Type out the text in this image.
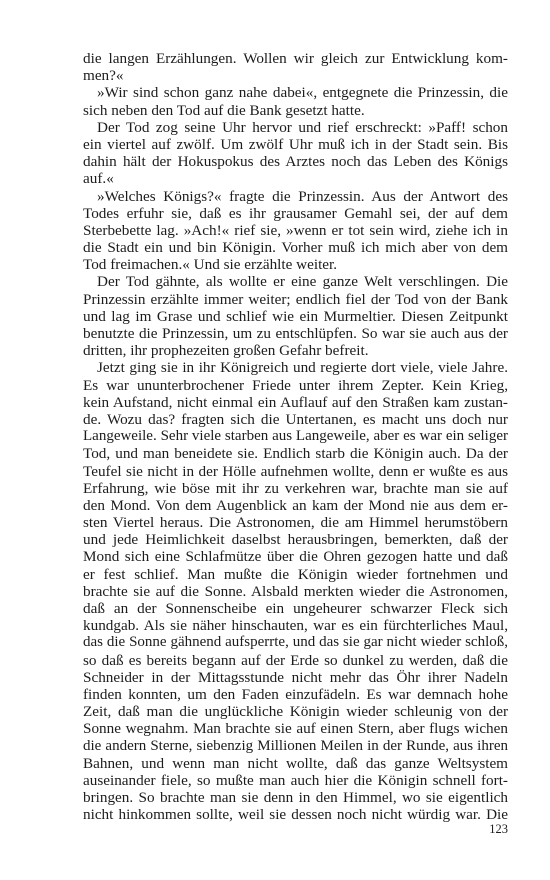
die langen Erzählungen. Wollen wir gleich zur Entwicklung kom-
men?«
»Wir sind schon ganz nahe dabei«, entgegnete die Prinzessin, die
sich neben den Tod auf die Bank gesetzt hatte.
Der Tod zog seine Uhr hervor und rief erschreckt: »Paff! schon
ein viertel auf zwölf. Um zwölf Uhr muß ich in der Stadt sein. Bis
dahin hält der Hokuspokus des Arztes noch das Leben des Königs
auf.«
»Welches Königs?« fragte die Prinzessin. Aus der Antwort des
Todes erfuhr sie, daß es ihr grausamer Gemahl sei, der auf dem
Sterbebette lag. »Ach!« rief sie, »wenn er tot sein wird, ziehe ich in
die Stadt ein und bin Königin. Vorher muß ich mich aber von dem
Tod freimachen.« Und sie erzählte weiter.
Der Tod gähnte, als wollte er eine ganze Welt verschlingen. Die
Prinzessin erzählte immer weiter; endlich fiel der Tod von der Bank
und lag im Grase und schlief wie ein Murmeltier. Diesen Zeitpunkt
benutzte die Prinzessin, um zu entschlüpfen. So war sie auch aus der
dritten, ihr prophezeiten großen Gefahr befreit.
Jetzt ging sie in ihr Königreich und regierte dort viele, viele Jahre.
Es war ununterbrochener Friede unter ihrem Zepter. Kein Krieg,
kein Aufstand, nicht einmal ein Auflauf auf den Straßen kam zustan-
de. Wozu das? fragten sich die Untertanen, es macht uns doch nur
Langeweile. Sehr viele starben aus Langeweile, aber es war ein seliger
Tod, und man beneidete sie. Endlich starb die Königin auch. Da der
Teufel sie nicht in der Hölle aufnehmen wollte, denn er wußte es aus
Erfahrung, wie böse mit ihr zu verkehren war, brachte man sie auf
den Mond. Von dem Augenblick an kam der Mond nie aus dem er-
sten Viertel heraus. Die Astronomen, die am Himmel herumstöbern
und jede Heimlichkeit daselbst herausbringen, bemerkten, daß der
Mond sich eine Schlafmütze über die Ohren gezogen hatte und daß
er fest schlief. Man mußte die Königin wieder fortnehmen und
brachte sie auf die Sonne. Alsbald merkten wieder die Astronomen,
daß an der Sonnenscheibe ein ungeheurer schwarzer Fleck sich
kundgab. Als sie näher hinschauten, war es ein fürchterliches Maul,
das die Sonne gähnend aufsperrte, und das sie gar nicht wieder schloß,
so daß es bereits begann auf der Erde so dunkel zu werden, daß die
Schneider in der Mittagsstunde nicht mehr das Öhr ihrer Nadeln
finden konnten, um den Faden einzufädeln. Es war demnach hohe
Zeit, daß man die unglückliche Königin wieder schleunig von der
Sonne wegnahm. Man brachte sie auf einen Stern, aber flugs wichen
die andern Sterne, siebenzig Millionen Meilen in der Runde, aus ihren
Bahnen, und wenn man nicht wollte, daß das ganze Weltsystem
auseinander fiele, so mußte man auch hier die Königin schnell fort-
bringen. So brachte man sie denn in den Himmel, wo sie eigentlich
nicht hinkommen sollte, weil sie dessen noch nicht würdig war. Die
123
